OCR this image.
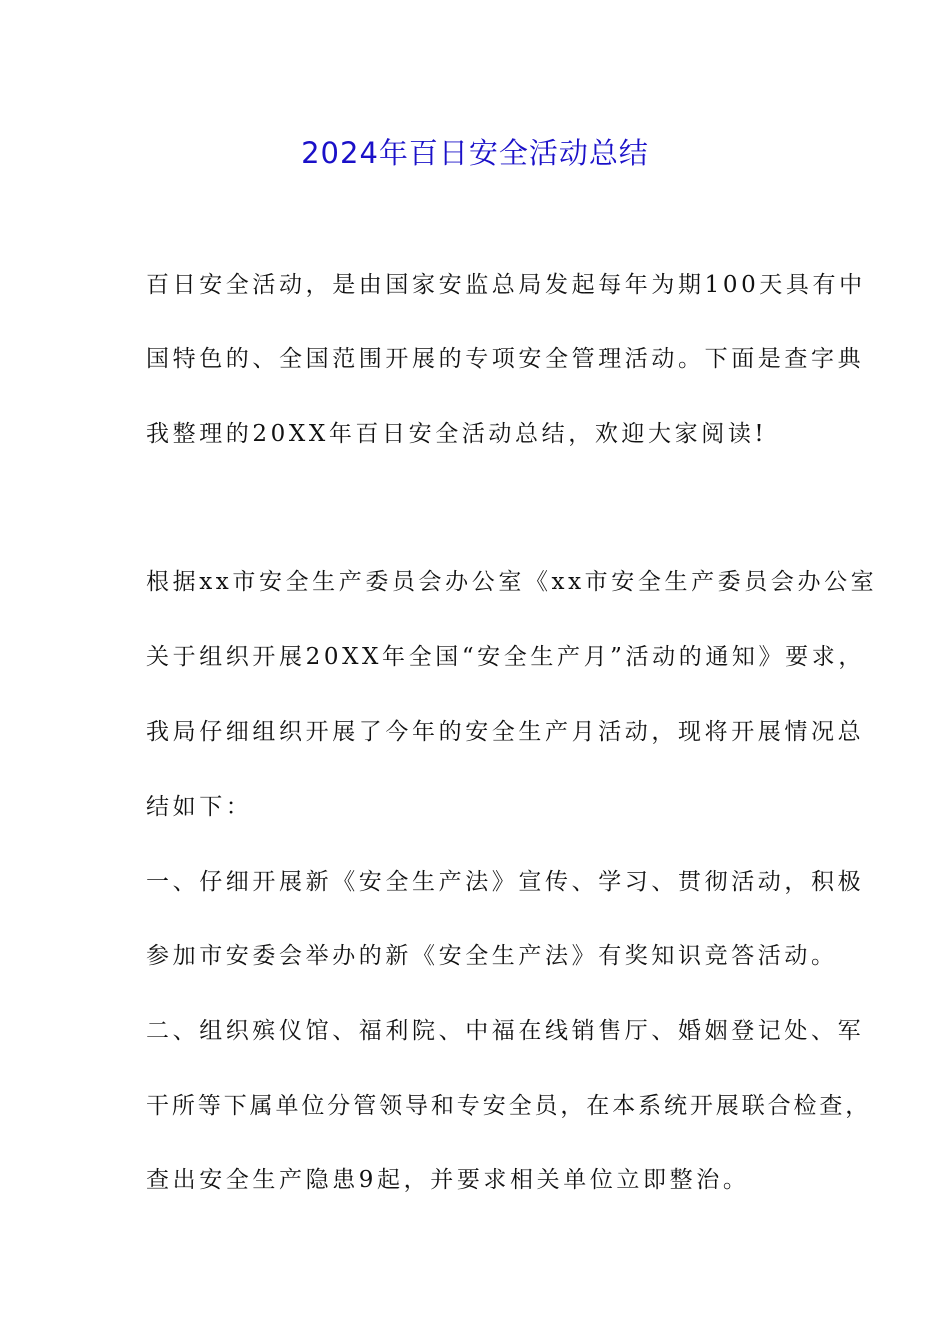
2024年百日安全活动总结
百日安全活动，是由国家安监总局发起每年为期100天具有中
国特色的、全国范围开展的专项安全管理活动。下面是查字典
我整理的20XX年百日安全活动总结，欢迎大家阅读!
根据xx市安全生产委员会办公室《xx市安全生产委员会办公室
关于组织开展20XX年全国“安全生产月”活动的通知》要求，
我局仔细组织开展了今年的安全生产月活动，现将开展情况总
结如下：
一、仔细开展新《安全生产法》宣传、学习、贯彻活动，积极
参加市安委会举办的新《安全生产法》有奖知识竞答活动。
二、组织殡仪馆、福利院、中福在线销售厅、婚姻登记处、军
干所等下属单位分管领导和专安全员，在本系统开展联合检查，
查出安全生产隐患9起，并要求相关单位立即整治。
